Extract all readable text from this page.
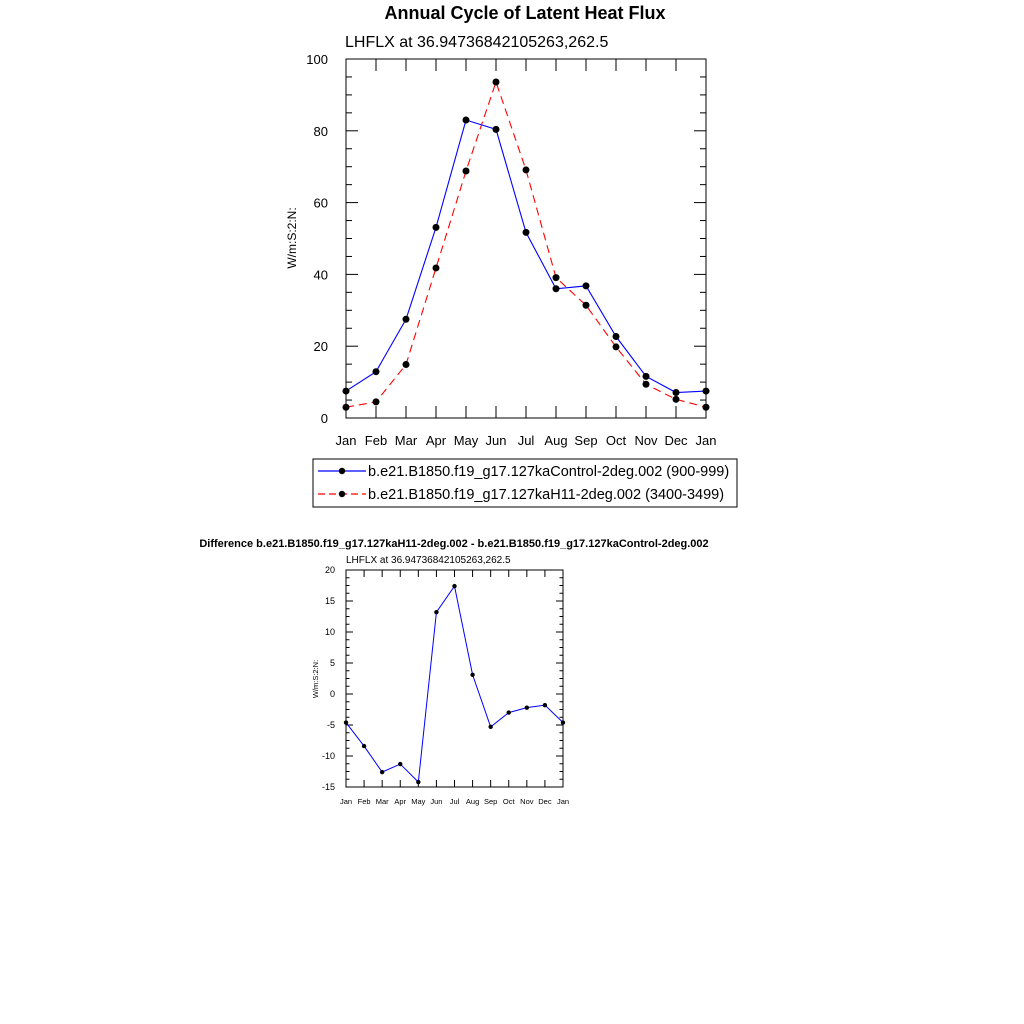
Annual Cycle of Latent Heat Flux
LHFLX at 36.94736842105263,262.5
W/m:S:2:N:
0
20
40
60
80
100
Jan Feb Mar Apr May Jun Jul Aug Sep Oct Nov Dec Jan
b.e21.B1850.f19_g17.127kaControl-2deg.002 (900-999)
b.e21.B1850.f19_g17.127kaH11-2deg.002 (3400-3499)
Difference b.e21.B1850.f19_g17.127kaH11-2deg.002 - b.e21.B1850.f19_g17.127kaControl-2deg.002
LHFLX at 36.94736842105263,262.5
W/m:S:2:N:
-15
-10
-5
0
5
10
15
20
Jan Feb Mar Apr May Jun Jul Aug Sep Oct Nov Dec Jan
